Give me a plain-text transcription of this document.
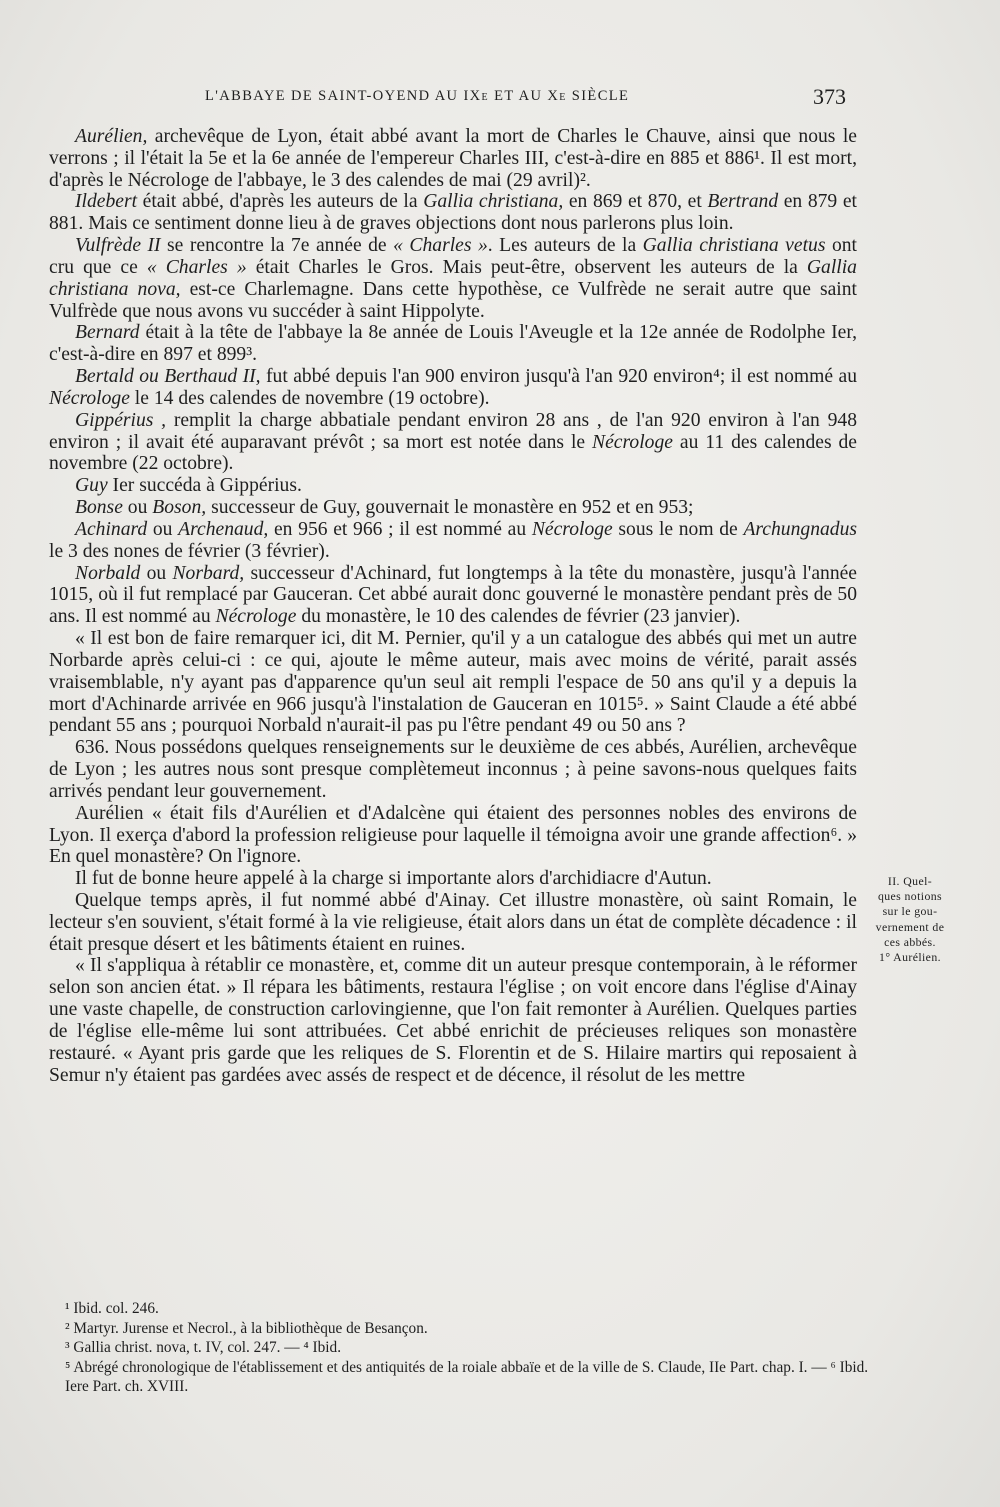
L'ABBAYE DE SAINT-OYEND AU IXe ET AU Xe SIÈCLE	373

Aurélien, archevêque de Lyon, était abbé avant la mort de Charles le Chauve, ainsi que nous le verrons ; il l'était la 5e et la 6e année de l'empereur Charles III, c'est-à-dire en 885 et 886¹. Il est mort, d'après le Nécrologe de l'abbaye, le 3 des calendes de mai (29 avril)².

Ildebert était abbé, d'après les auteurs de la Gallia christiana, en 869 et 870, et Bertrand en 879 et 881. Mais ce sentiment donne lieu à de graves objections dont nous parlerons plus loin.

Vulfrède II se rencontre la 7e année de « Charles ». Les auteurs de la Gallia christiana vetus ont cru que ce « Charles » était Charles le Gros. Mais peut-être, observent les auteurs de la Gallia christiana nova, est-ce Charlemagne. Dans cette hypothèse, ce Vulfrède ne serait autre que saint Vulfrède que nous avons vu succéder à saint Hippolyte.

Bernard était à la tête de l'abbaye la 8e année de Louis l'Aveugle et la 12e année de Rodolphe Ier, c'est-à-dire en 897 et 899³.

Bertald ou Berthaud II, fut abbé depuis l'an 900 environ jusqu'à l'an 920 environ⁴; il est nommé au Nécrologe le 14 des calendes de novembre (19 octobre).

Gippérius , remplit la charge abbatiale pendant environ 28 ans , de l'an 920 environ à l'an 948 environ ; il avait été auparavant prévôt ; sa mort est notée dans le Nécrologe au 11 des calendes de novembre (22 octobre).

Guy Ier succéda à Gippérius.

Bonse ou Boson, successeur de Guy, gouvernait le monastère en 952 et en 953;

Achinard ou Archenaud, en 956 et 966 ; il est nommé au Nécrologe sous le nom de Archungnadus le 3 des nones de février (3 février).

Norbald ou Norbard, successeur d'Achinard, fut longtemps à la tête du monastère, jusqu'à l'année 1015, où il fut remplacé par Gauceran. Cet abbé aurait donc gouverné le monastère pendant près de 50 ans. Il est nommé au Nécrologe du monastère, le 10 des calendes de février (23 janvier).

« Il est bon de faire remarquer ici, dit M. Pernier, qu'il y a un catalogue des abbés qui met un autre Norbarde après celui-ci : ce qui, ajoute le même auteur, mais avec moins de vérité, parait assés vraisemblable, n'y ayant pas d'apparence qu'un seul ait rempli l'espace de 50 ans qu'il y a depuis la mort d'Achinarde arrivée en 966 jusqu'à l'instalation de Gauceran en 1015⁵. » Saint Claude a été abbé pendant 55 ans ; pourquoi Norbald n'aurait-il pas pu l'être pendant 49 ou 50 ans ?

636. Nous possédons quelques renseignements sur le deuxième de ces abbés, Aurélien, archevêque de Lyon ; les autres nous sont presque complètemeut inconnus ; à peine savons-nous quelques faits arrivés pendant leur gouvernement.

Aurélien « était fils d'Aurélien et d'Adalcène qui étaient des personnes nobles des environs de Lyon. Il exerça d'abord la profession religieuse pour laquelle il témoigna avoir une grande affection⁶. » En quel monastère? On l'ignore.

Il fut de bonne heure appelé à la charge si importante alors d'archidiacre d'Autun.

Quelque temps après, il fut nommé abbé d'Ainay. Cet illustre monastère, où saint Romain, le lecteur s'en souvient, s'était formé à la vie religieuse, était alors dans un état de complète décadence : il était presque désert et les bâtiments étaient en ruines.

« Il s'appliqua à rétablir ce monastère, et, comme dit un auteur presque contemporain, à le réformer selon son ancien état. » Il répara les bâtiments, restaura l'église ; on voit encore dans l'église d'Ainay une vaste chapelle, de construction carlovingienne, que l'on fait remonter à Aurélien. Quelques parties de l'église elle-même lui sont attribuées. Cet abbé enrichit de précieuses reliques son monastère restauré. « Ayant pris garde que les reliques de S. Florentin et de S. Hilaire martirs qui reposaient à Semur n'y étaient pas gardées avec assés de respect et de décence, il résolut de les mettre

II. Quel-
ques notions
sur le gou-
vernement de
ces abbés.
1° Aurélien.

¹ Ibid. col. 246.

² Martyr. Jurense et Necrol., à la bibliothèque de Besançon.

³ Gallia christ. nova, t. IV, col. 247. — ⁴ Ibid.

⁵ Abrégé chronologique de l'établissement et des antiquités de la roiale abbaïe et de la ville de S. Claude, IIe Part. chap. I. — ⁶ Ibid. Iere Part. ch. XVIII.
